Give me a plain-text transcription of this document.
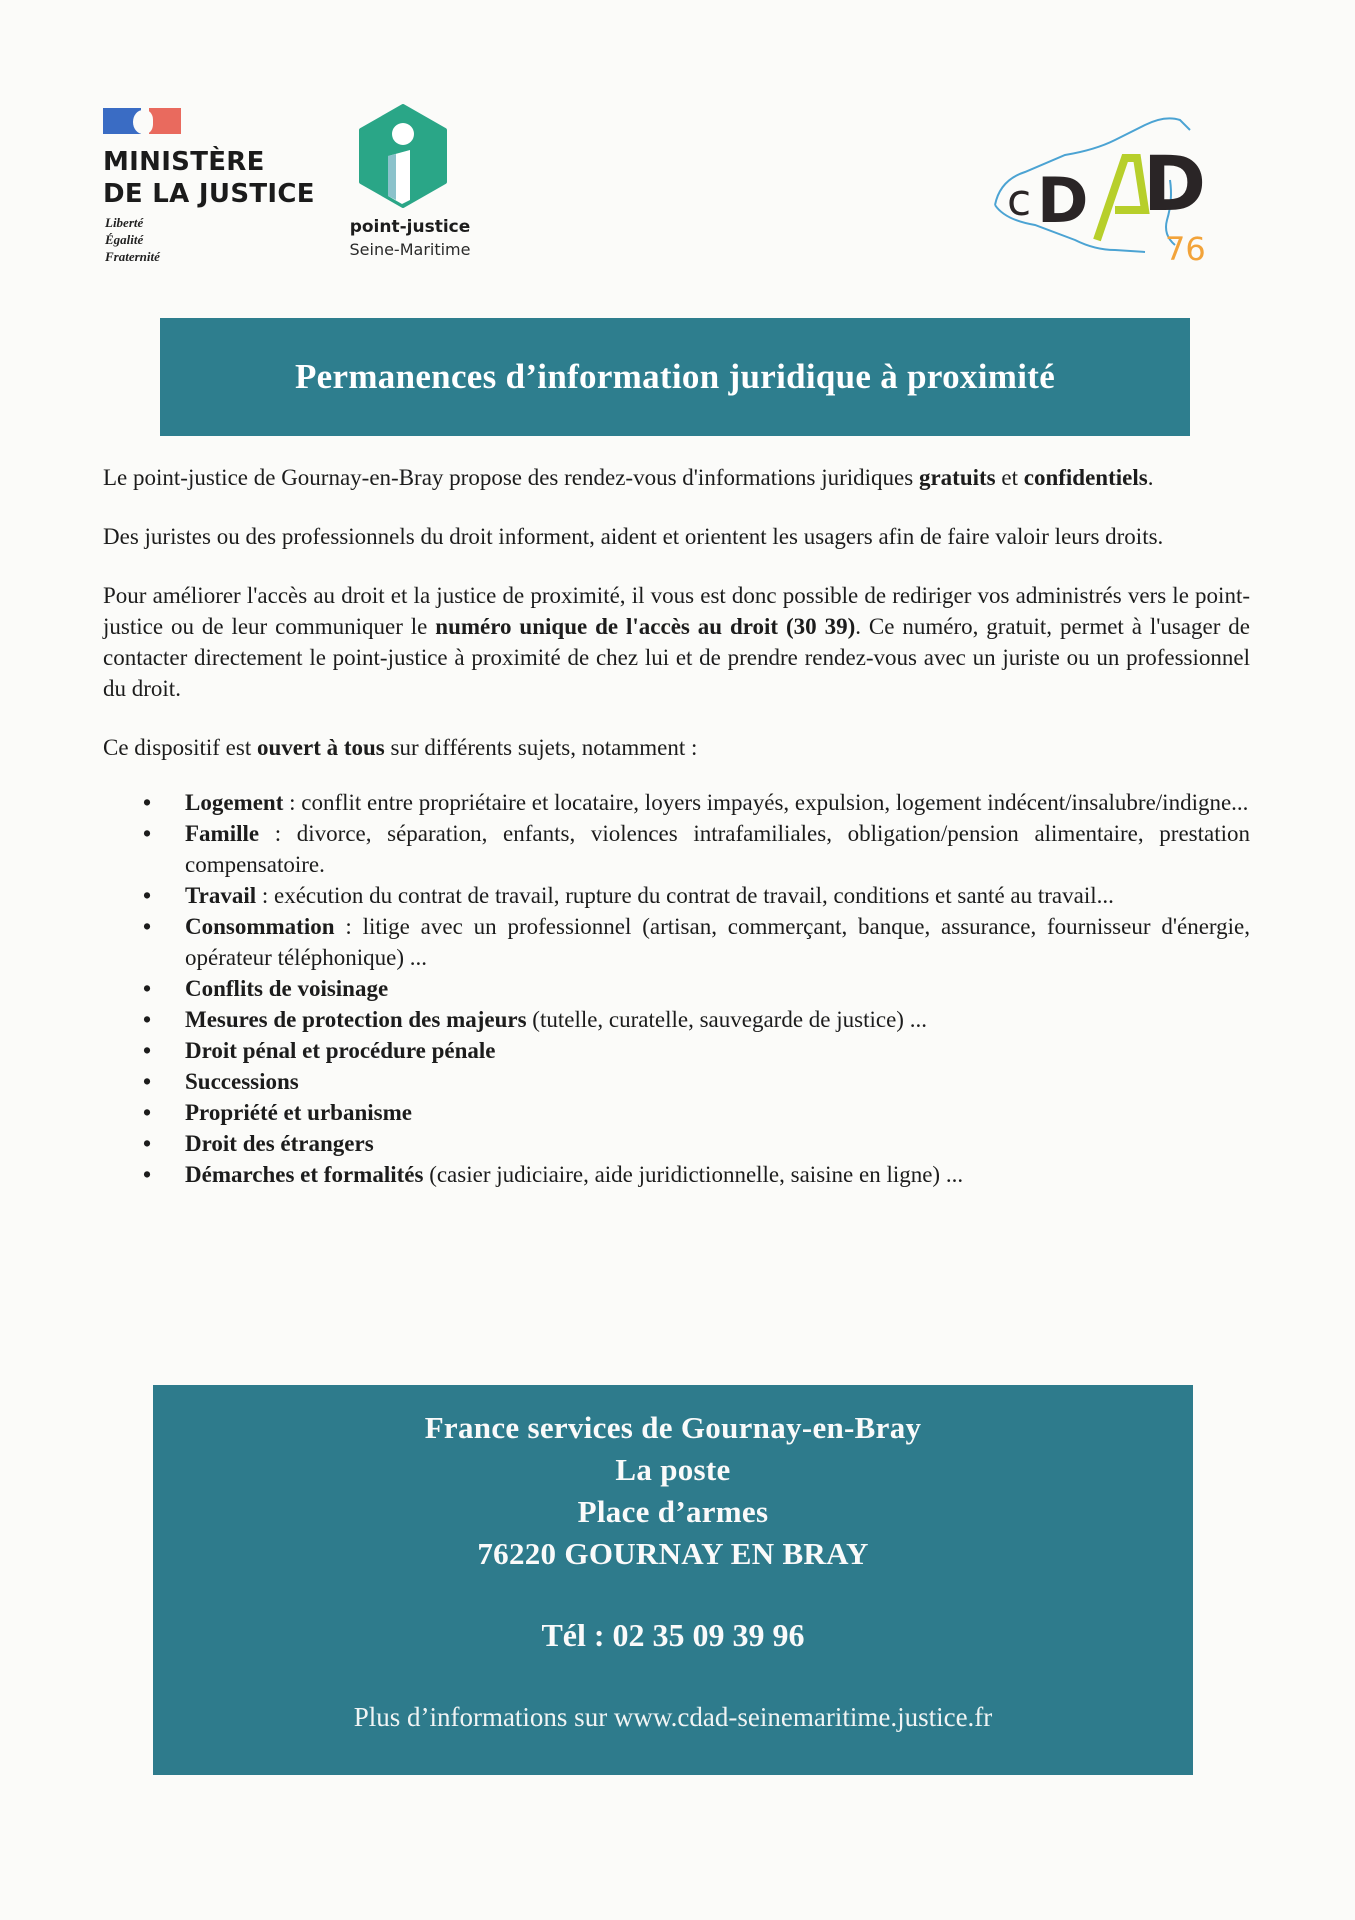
MINISTÈRE
DE LA JUSTICE
Liberté
Égalité
Fraternité
point-justice
Seine-Maritime
c D D
76
Permanences d’information juridique à proximité

Le point-justice de Gournay-en-Bray propose des rendez-vous d'informations juridiques gratuits et confidentiels.

Des juristes ou des professionnels du droit informent, aident et orientent les usagers afin de faire valoir leurs droits.

Pour améliorer l'accès au droit et la justice de proximité, il vous est donc possible de rediriger vos administrés vers le point-justice ou de leur communiquer le numéro unique de l'accès au droit (30 39). Ce numéro, gratuit, permet à l'usager de contacter directement le point-justice à proximité de chez lui et de prendre rendez-vous avec un juriste ou un professionnel du droit.

Ce dispositif est ouvert à tous sur différents sujets, notamment :

• Logement : conflit entre propriétaire et locataire, loyers impayés, expulsion, logement indécent/insalubre/indigne...
• Famille : divorce, séparation, enfants, violences intrafamiliales, obligation/pension alimentaire, prestation compensatoire.
• Travail : exécution du contrat de travail, rupture du contrat de travail, conditions et santé au travail...
• Consommation : litige avec un professionnel (artisan, commerçant, banque, assurance, fournisseur d'énergie, opérateur téléphonique) ...
• Conflits de voisinage
• Mesures de protection des majeurs (tutelle, curatelle, sauvegarde de justice) ...
• Droit pénal et procédure pénale
• Successions
• Propriété et urbanisme
• Droit des étrangers
• Démarches et formalités (casier judiciaire, aide juridictionnelle, saisine en ligne) ...
France services de Gournay-en-Bray
La poste
Place d’armes
76220 GOURNAY EN BRAY
Tél : 02 35 09 39 96
Plus d’informations sur www.cdad-seinemaritime.justice.fr
